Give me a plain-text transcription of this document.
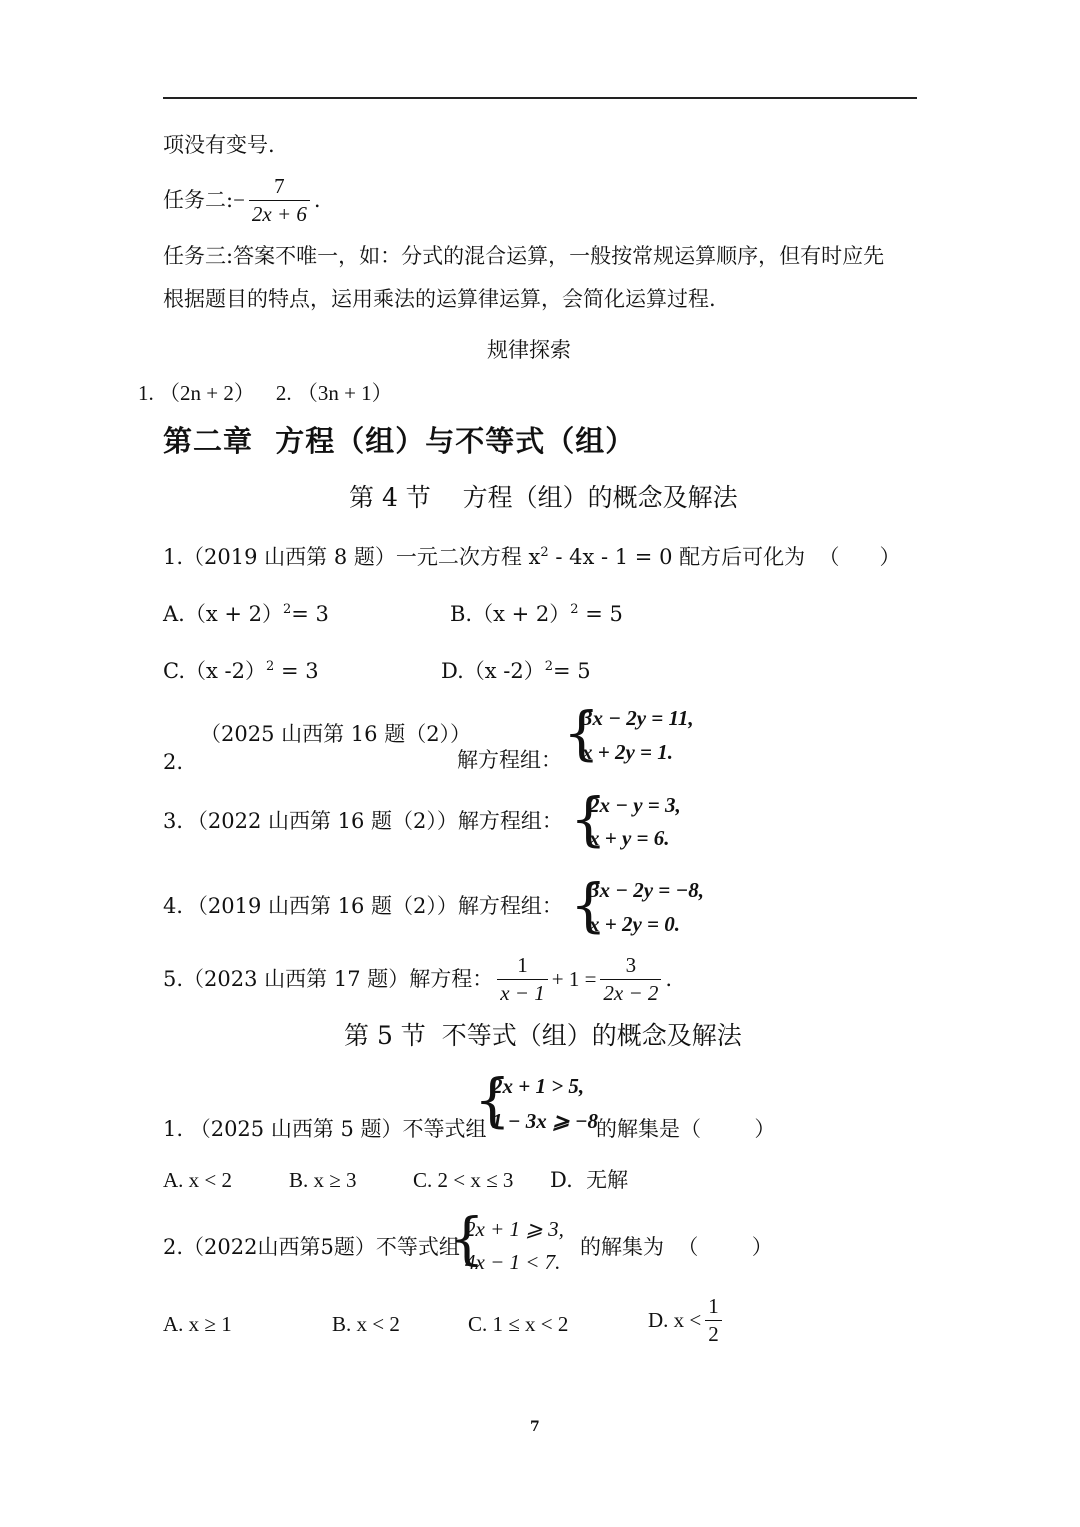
项没有变号.
任务二: − $\frac{7}{2x + 6}$ .
任务三:答案不唯一，如：分式的混合运算，一般按常规运算顺序，但有时应先
根据题目的特点，运用乘法的运算律运算，会简化运算过程.
规律探索
1. （2n + 2）    2. （3n + 1）
第二章  方程（组）与不等式（组）
第 4 节    方程（组）的概念及解法
1.（2019 山西第 8 题）一元二次方程 $x^2 - 4x - 1 = 0$ 配方后可化为  （      ）
$A.(x + 2)^2= 3$	$B.(x + 2)^2 = 5$
C.（x -2）$^2$ = 3	D.（x -2）$^2$= 5
（2025 山西第 16 题（2））
2.	解方程组： {
3x − 2y = 11,
x + 2y = 1.
3．（2022 山西第 16 题（2））解方程组： {
2x − y = 3,
x + y = 6.
4．（2019 山西第 16 题（2））解方程组： {
3x − 2y = −8,
x + 2y = 0.
5.（2023 山西第 17 题）解方程： $\frac{1}{x - 1} + 1 = \frac{3}{2x - 2}$ .
第 5 节  不等式（组）的概念及解法
1. （2025 山西第 5 题）不等式组
{
2x + 1 > 5,
1 − 3x ⩾ −8
的解集是（        ）
A. x < 2	B. x ≥ 3	C. 2 < x ≤ 3 D.  无解
2.（2022山西第5题）不等式组
{
2x + 1 ⩾ 3,
4x − 1 < 7.
的解集为  （        ）
A. x ≥ 1	B. x < 2	C. 1 ≤ x < 2	D. $x < \frac{1}{2}$
7
